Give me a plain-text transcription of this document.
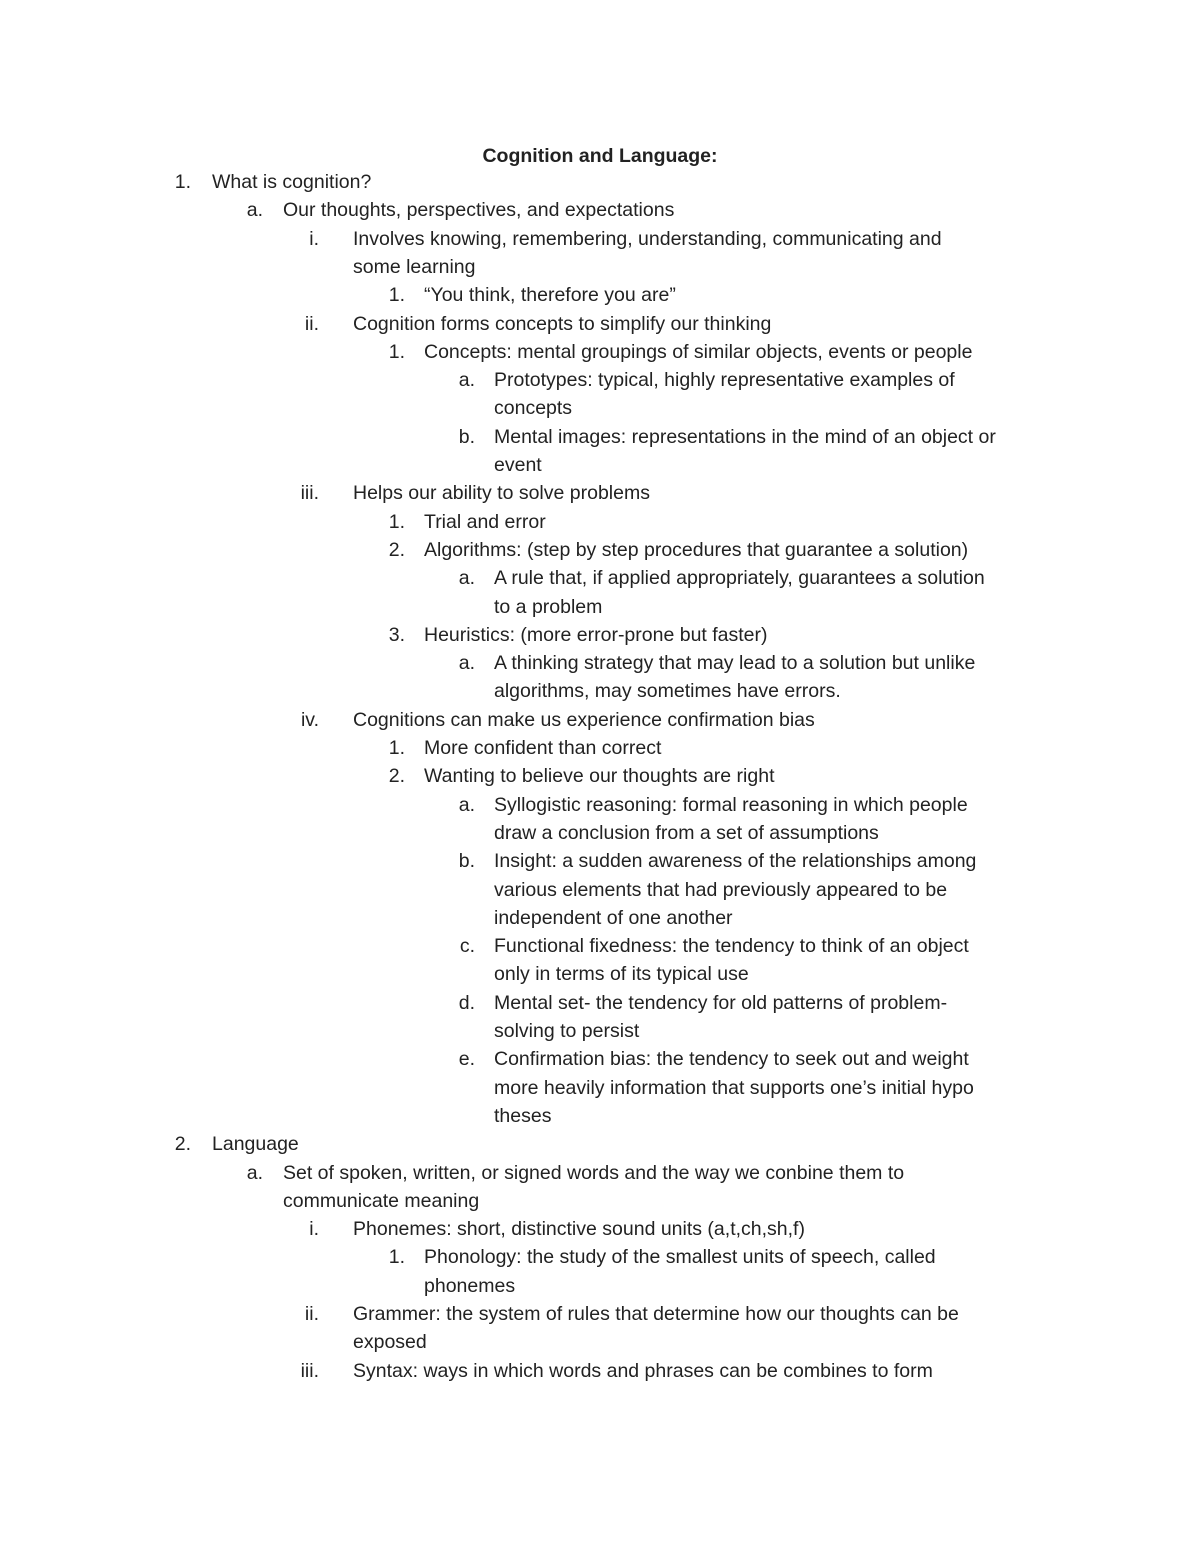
Cognition and Language:
1. What is cognition?
a. Our thoughts, perspectives, and expectations
i. Involves knowing, remembering, understanding, communicating and
some learning
1. “You think, therefore you are”
ii. Cognition forms concepts to simplify our thinking
1. Concepts: mental groupings of similar objects, events or people
a. Prototypes: typical, highly representative examples of
concepts
b. Mental images: representations in the mind of an object or
event
iii. Helps our ability to solve problems
1. Trial and error
2. Algorithms: (step by step procedures that guarantee a solution)
a. A rule that, if applied appropriately, guarantees a solution
to a problem
3. Heuristics: (more error-prone but faster)
a. A thinking strategy that may lead to a solution but unlike
algorithms, may sometimes have errors.
iv. Cognitions can make us experience confirmation bias
1. More confident than correct
2. Wanting to believe our thoughts are right
a. Syllogistic reasoning: formal reasoning in which people
draw a conclusion from a set of assumptions
b. Insight: a sudden awareness of the relationships among
various elements that had previously appeared to be
independent of one another
c. Functional fixedness: the tendency to think of an object
only in terms of its typical use
d. Mental set- the tendency for old patterns of problem-
solving to persist
e. Confirmation bias: the tendency to seek out and weight
more heavily information that supports one’s initial hypo
theses
2. Language
a. Set of spoken, written, or signed words and the way we conbine them to
communicate meaning
i. Phonemes: short, distinctive sound units (a,t,ch,sh,f)
1. Phonology: the study of the smallest units of speech, called
phonemes
ii. Grammer: the system of rules that determine how our thoughts can be
exposed
iii. Syntax: ways in which words and phrases can be combines to form
